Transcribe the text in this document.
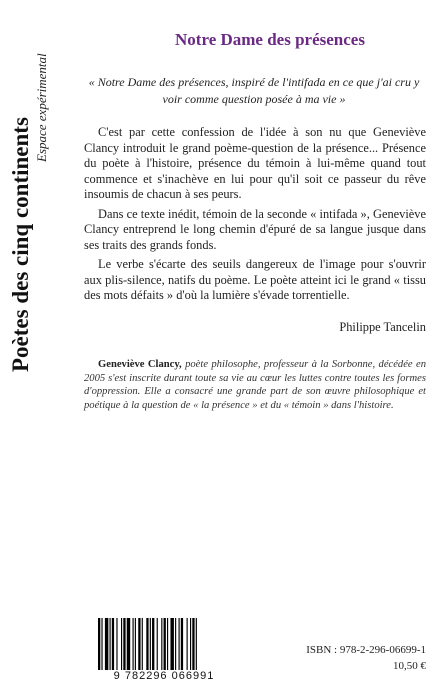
Poètes des cinq continents
Espace expérimental
Notre Dame des présences

« Notre Dame des présences, inspiré de l'intifada en ce que j'ai cru y voir comme question posée à ma vie »

C'est par cette confession de l'idée à son nu que Geneviève Clancy introduit le grand poème-question de la présence... Présence du poète à l'histoire, présence du témoin à lui-même quand tout commence et s'inachève en lui pour qu'il soit ce passeur du rêve insoumis de chacun à ses peurs.

Dans ce texte inédit, témoin de la seconde « intifada », Geneviève Clancy entreprend le long chemin d'épuré de sa langue jusque dans ses traits des grands fonds.

Le verbe s'écarte des seuils dangereux de l'image pour s'ouvrir aux plis-silence, natifs du poème. Le poète atteint ici le grand « tissu des mots défaits » d'où la lumière s'évade torrentielle.

Philippe Tancelin

Geneviève Clancy, poète philosophe, professeur à la Sorbonne, décédée en 2005 s'est inscrite durant toute sa vie au cœur les luttes contre toutes les formes d'oppression. Elle a consacré une grande part de son œuvre philosophique et poétique à la question de « la présence » et du « témoin » dans l'histoire.

9 782296 066991

ISBN : 978-2-296-06699-1

10,50 €
